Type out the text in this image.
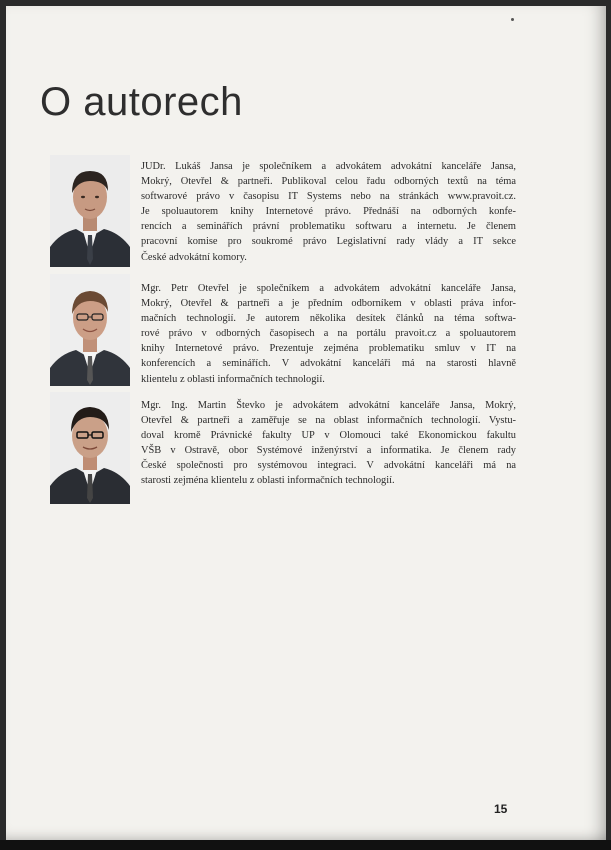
O autorech

JUDr. Lukáš Jansa je společníkem a advokátem advokátní kanceláře Jansa,
Mokrý, Otevřel & partneři. Publikoval celou řadu odborných textů na téma
softwarové právo v časopisu IT Systems nebo na stránkách www.pravoit.cz.
Je spoluautorem knihy Internetové právo. Přednáší na odborných konfe-
rencích a seminářích právní problematiku softwaru a internetu. Je členem
pracovní komise pro soukromé právo Legislativní rady vlády a IT sekce
České advokátní komory.

Mgr. Petr Otevřel je společníkem a advokátem advokátní kanceláře Jansa,
Mokrý, Otevřel & partneři a je předním odborníkem v oblasti práva infor-
mačních technologií. Je autorem několika desítek článků na téma softwa-
rové právo v odborných časopisech a na portálu pravoit.cz a spoluautorem
knihy Internetové právo. Prezentuje zejména problematiku smluv v IT na
konferencích a seminářích. V advokátní kanceláři má na starosti hlavně
klientelu z oblasti informačních technologií.

Mgr. Ing. Martin Števko je advokátem advokátní kanceláře Jansa, Mokrý,
Otevřel & partneři a zaměřuje se na oblast informačních technologií. Vystu-
doval kromě Právnické fakulty UP v Olomouci také Ekonomickou fakultu
VŠB v Ostravě, obor Systémové inženýrství a informatika. Je členem rady
České společnosti pro systémovou integraci. V advokátní kanceláři má na
starosti zejména klientelu z oblasti informačních technologií.

15
